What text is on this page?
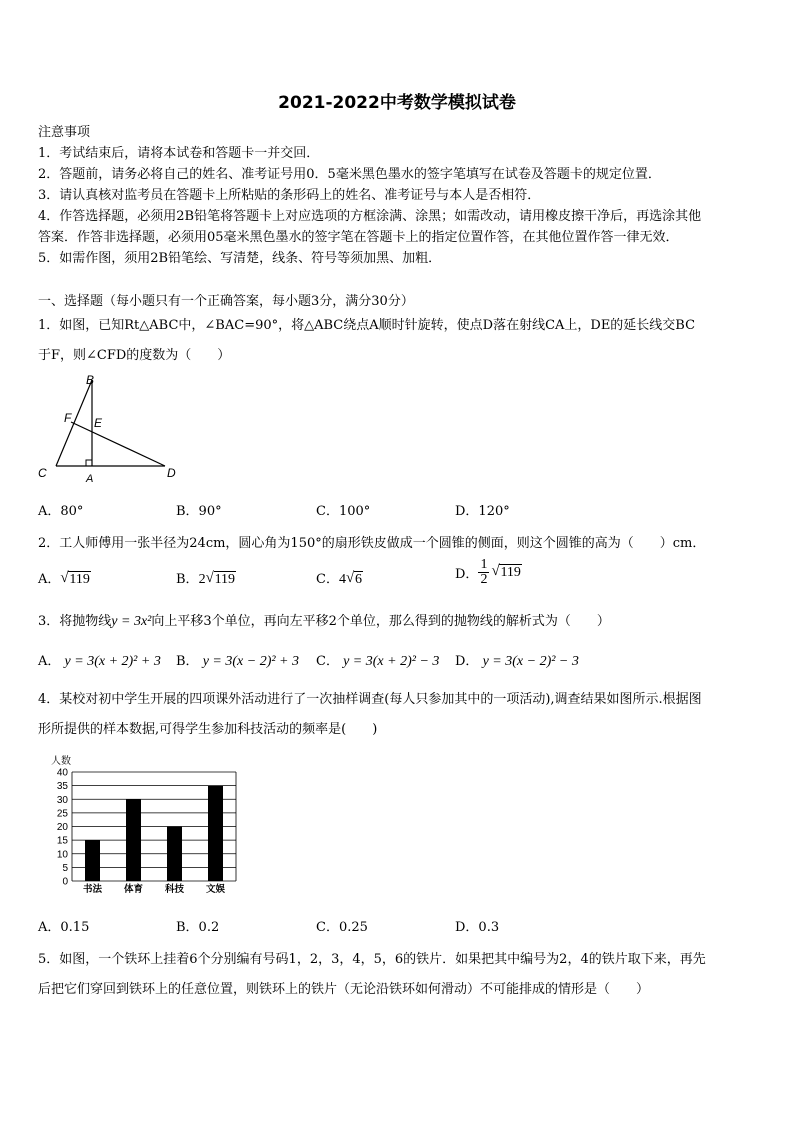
2021-2022中考数学模拟试卷
注意事项
1．考试结束后，请将本试卷和答题卡一并交回．
2．答题前，请务必将自己的姓名、准考证号用0．5毫米黑色墨水的签字笔填写在试卷及答题卡的规定位置．
3．请认真核对监考员在答题卡上所粘贴的条形码上的姓名、准考证号与本人是否相符．
4．作答选择题，必须用2B铅笔将答题卡上对应选项的方框涂满、涂黑；如需改动，请用橡皮擦干净后，再选涂其他
答案．作答非选择题，必须用05毫米黑色墨水的签字笔在答题卡上的指定位置作答，在其他位置作答一律无效．
5．如需作图，须用2B铅笔绘、写清楚，线条、符号等须加黑、加粗．
一、选择题（每小题只有一个正确答案，每小题3分，满分30分）
1．如图，已知Rt△ABC中，∠BAC=90°，将△ABC绕点A顺时针旋转，使点D落在射线CA上，DE的延长线交BC
于F，则∠CFD的度数为（　　）
B
F E
C	A	D
A．80°	B．90°	C．100°	D．120°
2．工人师傅用一张半径为24cm，圆心角为150°的扇形铁皮做成一个圆锥的侧面，则这个圆锥的高为（　　）cm．
A． √ 119	B．2 √ 119	C．4 √ 6	D． $\frac{1}{2}$ √ 119
3．将抛物线y = 3x²向上平移3个单位，再向左平移2个单位，那么得到的抛物线的解析式为（　　）
A． y = 3(x + 2)² + 3 B． y = 3(x − 2)² + 3 C． y = 3(x + 2)² − 3 D． y = 3(x − 2)² − 3
4．某校对初中学生开展的四项课外活动进行了一次抽样调查(每人只参加其中的一项活动),调查结果如图所示.根据图
形所提供的样本数据,可得学生参加科技活动的频率是(　　)
人数
0
5
10
15
20
25
30
35
40
书法 体育 科技 文娱
A．0.15	B．0.2	C．0.25	D．0.3
5．如图，一个铁环上挂着6个分别编有号码1，2，3，4，5，6的铁片．如果把其中编号为2，4的铁片取下来，再先
后把它们穿回到铁环上的任意位置，则铁环上的铁片（无论沿铁环如何滑动）不可能排成的情形是（　　）
